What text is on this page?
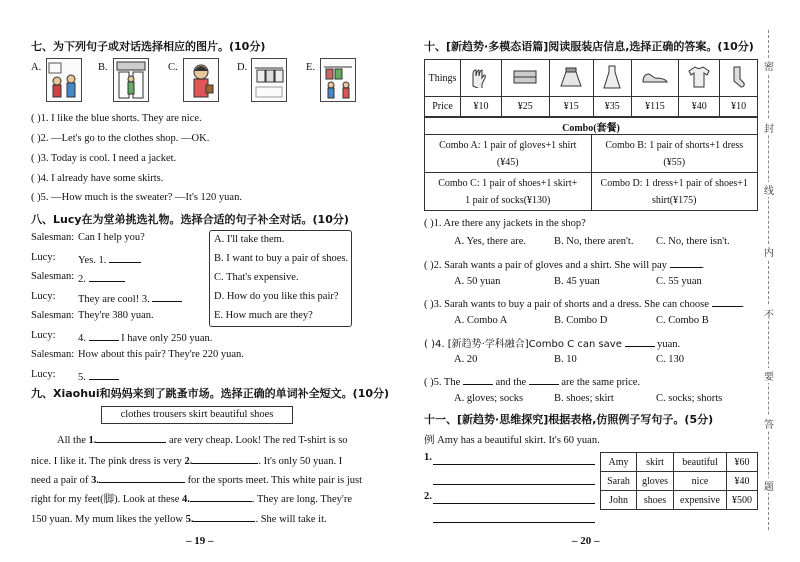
七、为下列句子或对话选择相应的图片。(10分)
A.	B.	C.	D.	E.
( )1. I like the blue shorts. They are nice.
( )2. —Let's go to the clothes shop. —OK.
( )3. Today is cool. I need a jacket.
( )4. I already have some skirts.
( )5. —How much is the sweater? —It's 120 yuan.
八、Lucy在为堂弟挑选礼物。选择合适的句子补全对话。(10分)
Salesman: Can I help you?
Lucy: Yes. 1.
Salesman: 2.
Lucy: They are cool! 3.
Salesman: They're 380 yuan.
Lucy: 4.	I have only 250 yuan.
Salesman: How about this pair? They're 220 yuan.
Lucy: 5.
A. I'll take them.
B. I want to buy a pair of shoes.
C. That's expensive.
D. How do you like this pair?
E. How much are they?
九、Xiaohui和妈妈来到了跳蚤市场。选择正确的单词补全短文。(10分)
clothes trousers skirt beautiful shoes
All the 1.	are very cheap. Look! The red T-shirt is so
nice. I like it. The pink dress is very 2.	. It's only 50 yuan. I
need a pair of 3.	for the sports meet. This white pair is just
right for my feet(脚). Look at these 4.	. They are long. They're
150 yuan. My mum likes the yellow 5.	. She will take it.
– 19 –
十、[新趋势·多模态语篇]阅读服装店信息,选择正确的答案。(10分)
Things							
Price	¥10	¥25	¥15	¥35	¥115	¥40	¥10
Combo(套餐)	
Combo A: 1 pair of gloves+1 shirt
(¥45)	Combo B: 1 pair of shorts+1 dress
(¥55)
Combo C: 1 pair of shoes+1 skirt+
1 pair of socks(¥130)	Combo D: 1 dress+1 pair of shoes+1
shirt(¥175)
( )1. Are there any jackets in the shop?
A. Yes, there are.	B. No, there aren't. C. No, there isn't.
( )2. Sarah wants a pair of gloves and a shirt. She will pay	.
A. 50 yuan	B. 45 yuan	C. 55 yuan
( )3. Sarah wants to buy a pair of shorts and a dress. She can choose	.
A. Combo A	B. Combo D	C. Combo B
( )4. [新趋势·学科融合]Combo C can save	yuan.
A. 20	B. 10	C. 130
( )5. The	and the	are the same price.
A. gloves; socks	B. shoes; skirt	C. socks; shorts
十一、[新趋势·思维探究]根据表格,仿照例子写句子。(5分)
例 Amy has a beautiful skirt. It's 60 yuan.
1.
2.
Amy	skirt	beautiful	¥60
Sarah	gloves	nice	¥40
John	shoes	expensive	¥500
– 20 –
密
封
线
内
不
要
答
题
